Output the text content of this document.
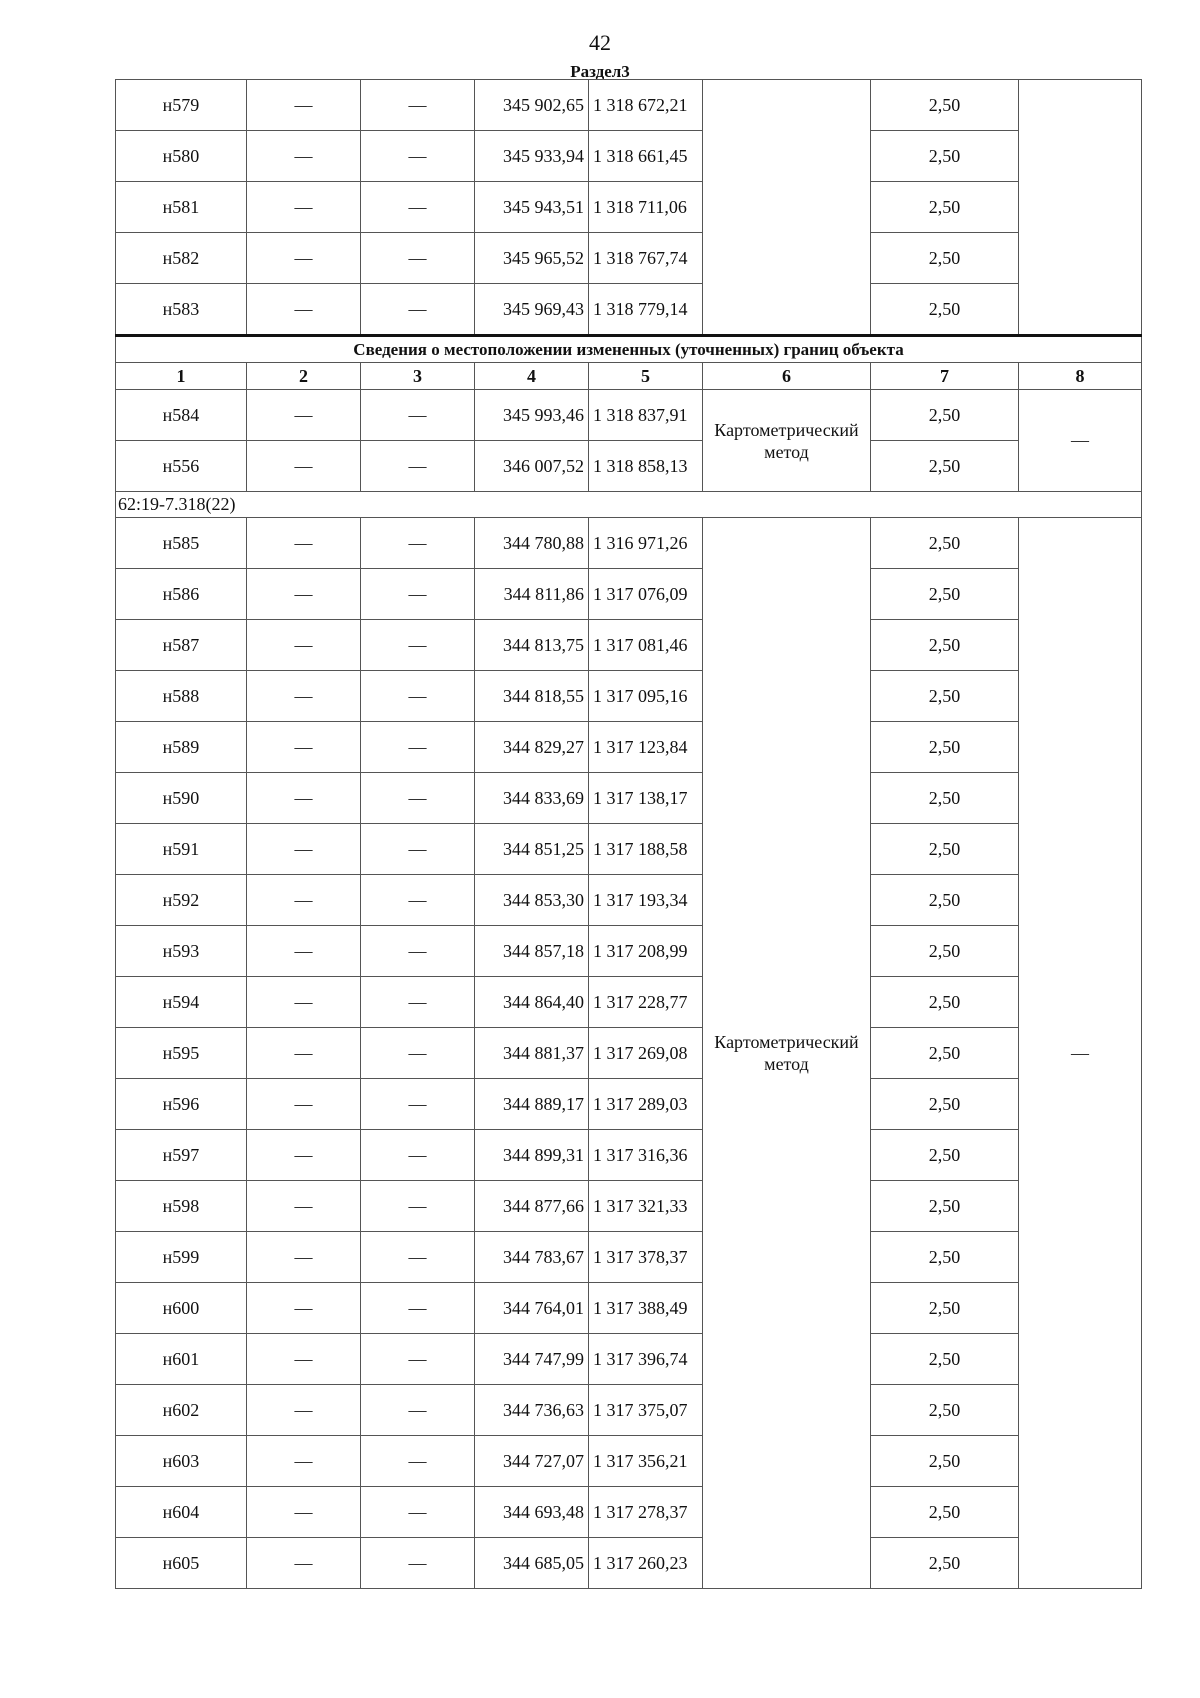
42
Раздел3
н579	—	—	345 902,65	1 318 672,21		2,50	
н580	—	—	345 933,94	1 318 661,45		2,50	
н581	—	—	345 943,51	1 318 711,06		2,50	
н582	—	—	345 965,52	1 318 767,74		2,50	
н583	—	—	345 969,43	1 318 779,14		2,50	
Сведения о местоположении измененных (уточненных) границ объекта							
1	2	3	4	5	6	7	8
н584	—	—	345 993,46	1 318 837,91	Картометрический метод	2,50	—
н556	—	—	346 007,52	1 318 858,13		2,50	
62:19-7.318(22)							
н585	—	—	344 780,88	1 316 971,26	Картометрический метод	2,50	—
н586	—	—	344 811,86	1 317 076,09		2,50	
н587	—	—	344 813,75	1 317 081,46		2,50	
н588	—	—	344 818,55	1 317 095,16		2,50	
н589	—	—	344 829,27	1 317 123,84		2,50	
н590	—	—	344 833,69	1 317 138,17		2,50	
н591	—	—	344 851,25	1 317 188,58		2,50	
н592	—	—	344 853,30	1 317 193,34		2,50	
н593	—	—	344 857,18	1 317 208,99		2,50	
н594	—	—	344 864,40	1 317 228,77		2,50	
н595	—	—	344 881,37	1 317 269,08		2,50	
н596	—	—	344 889,17	1 317 289,03		2,50	
н597	—	—	344 899,31	1 317 316,36		2,50	
н598	—	—	344 877,66	1 317 321,33		2,50	
н599	—	—	344 783,67	1 317 378,37		2,50	
н600	—	—	344 764,01	1 317 388,49		2,50	
н601	—	—	344 747,99	1 317 396,74		2,50	
н602	—	—	344 736,63	1 317 375,07		2,50	
н603	—	—	344 727,07	1 317 356,21		2,50	
н604	—	—	344 693,48	1 317 278,37		2,50	
н605	—	—	344 685,05	1 317 260,23		2,50	
